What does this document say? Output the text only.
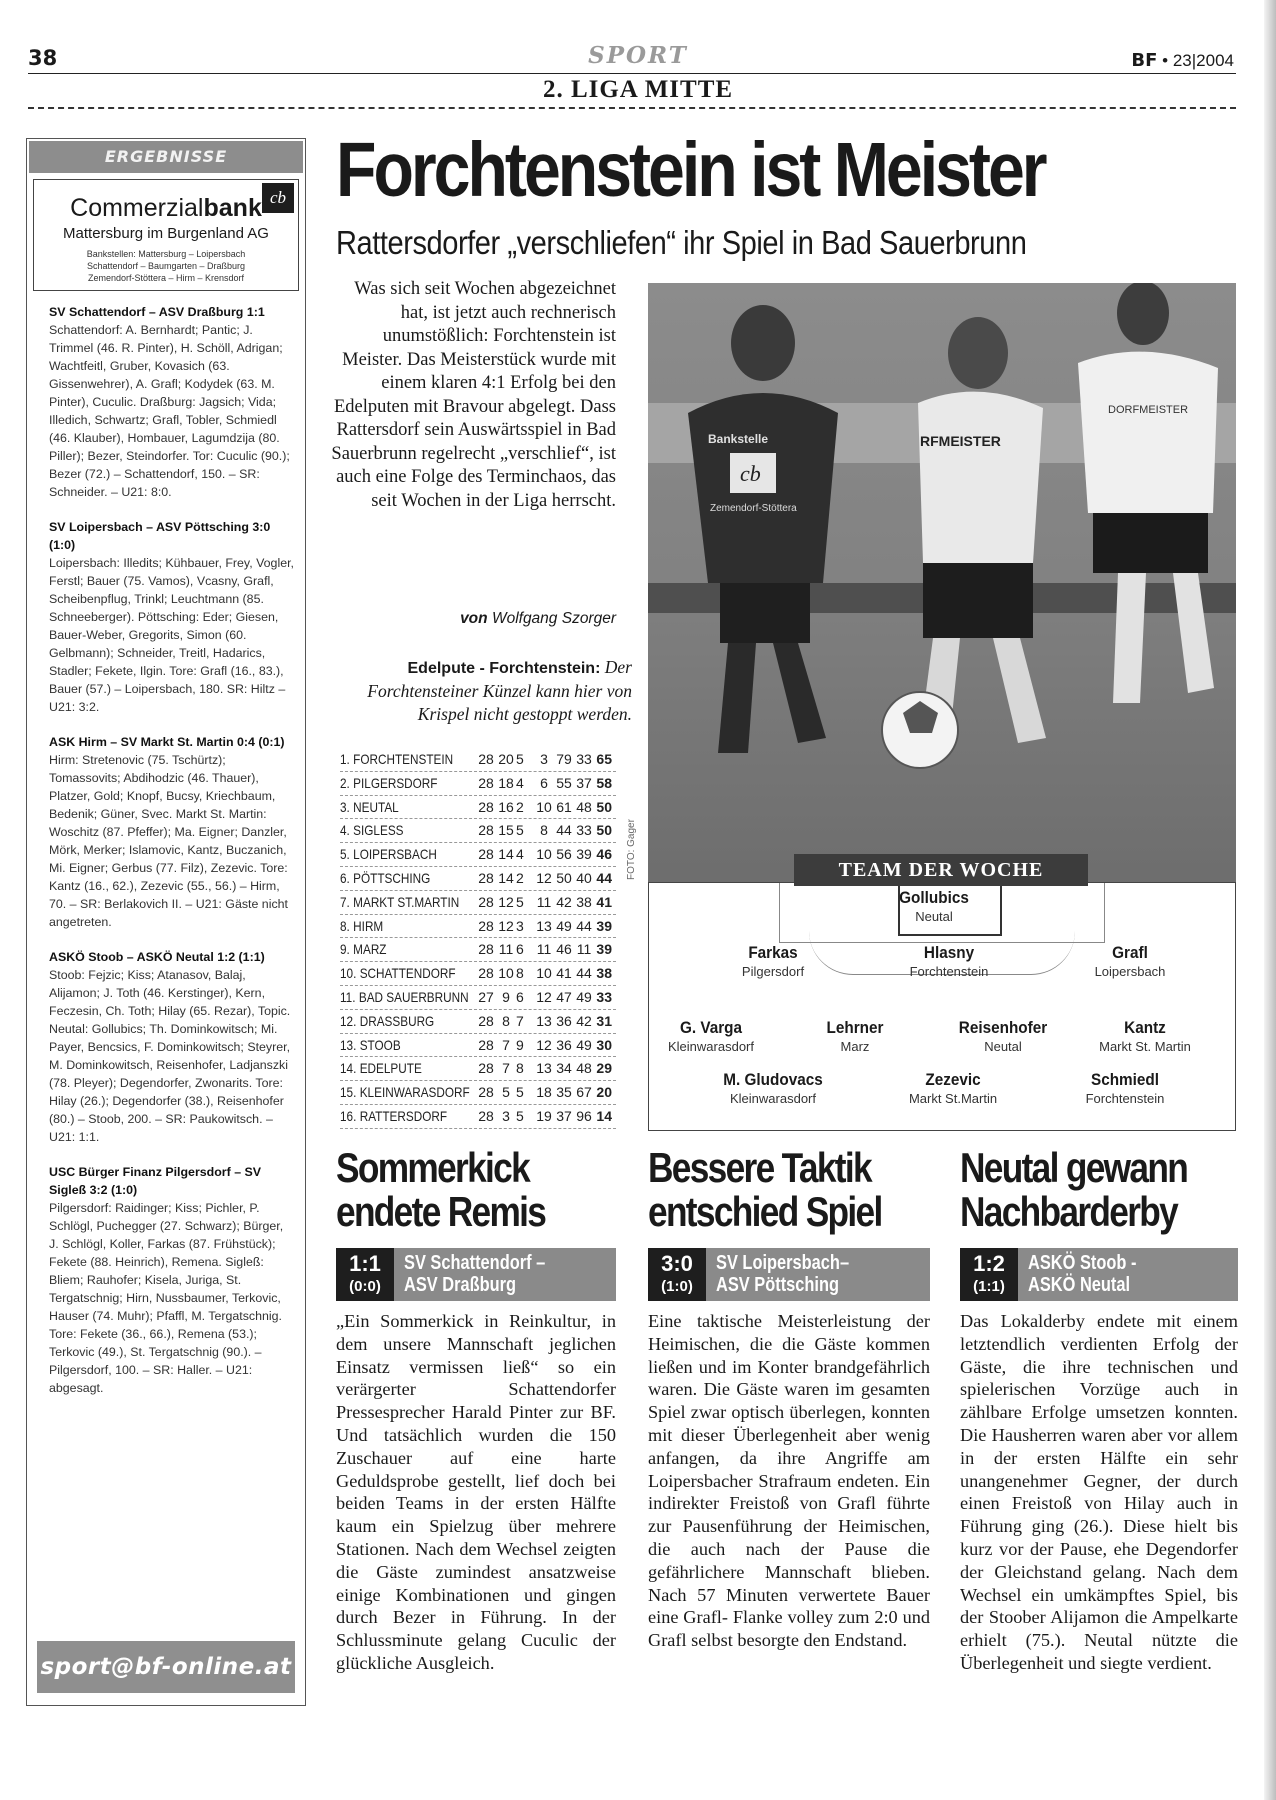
38	SPORT	BF • 23|2004
2. LIGA MITTE
ERGEBNISSE
cb
Commerzialbank
Mattersburg im Burgenland AG
Bankstellen: Mattersburg – Loipersbach
Schattendorf – Baumgarten – Draßburg
Zemendorf-Stöttera – Hirm – Krensdorf
SV Schattendorf – ASV Draßburg 1:1
Schattendorf: A. Bernhardt; Pantic; J. Trimmel (46. R. Pinter), H. Schöll, Adrigan; Wachtfeitl, Gruber, Kovasich (63. Gissenwehrer), A. Grafl; Kodydek (63. M. Pinter), Cuculic. Draßburg: Jagsich; Vida; Illedich, Schwartz; Grafl, Tobler, Schmiedl (46. Klauber), Hombauer, Lagumdzija (80. Piller); Bezer, Steindorfer. Tor: Cuculic (90.); Bezer (72.) – Schattendorf, 150. – SR: Schneider. – U21: 8:0.
SV Loipersbach – ASV Pöttsching 3:0 (1:0)
Loipersbach: Illedits; Kühbauer, Frey, Vogler, Ferstl; Bauer (75. Vamos), Vcasny, Grafl, Scheibenpflug, Trinkl; Leuchtmann (85. Schneeberger). Pöttsching: Eder; Giesen, Bauer-Weber, Gregorits, Simon (60. Gelbmann); Schneider, Treitl, Hadarics, Stadler; Fekete, Ilgin. Tore: Grafl (16., 83.), Bauer (57.) – Loipersbach, 180. SR: Hiltz – U21: 3:2.
ASK Hirm – SV Markt St. Martin 0:4 (0:1)
Hirm: Stretenovic (75. Tschürtz); Tomassovits; Abdihodzic (46. Thauer), Platzer, Gold; Knopf, Bucsy, Kriechbaum, Bedenik; Güner, Svec. Markt St. Martin: Woschitz (87. Pfeffer); Ma. Eigner; Danzler, Mörk, Merker; Islamovic, Kantz, Buczanich, Mi. Eigner; Gerbus (77. Filz), Zezevic. Tore: Kantz (16., 62.), Zezevic (55., 56.) – Hirm, 70. – SR: Berlakovich II. – U21: Gäste nicht angetreten.
ASKÖ Stoob – ASKÖ Neutal 1:2 (1:1)
Stoob: Fejzic; Kiss; Atanasov, Balaj, Alijamon; J. Toth (46. Kerstinger), Kern, Feczesin, Ch. Toth; Hilay (65. Rezar), Topic. Neutal: Gollubics; Th. Dominkowitsch; Mi. Payer, Bencsics, F. Dominkowitsch; Steyrer, M. Dominkowitsch, Reisenhofer, Ladjanszki (78. Pleyer); Degendorfer, Zwonarits. Tore: Hilay (26.); Degendorfer (38.), Reisenhofer (80.) – Stoob, 200. – SR: Paukowitsch. – U21: 1:1.
USC Bürger Finanz Pilgersdorf – SV Sigleß 3:2 (1:0)
Pilgersdorf: Raidinger; Kiss; Pichler, P. Schlögl, Puchegger (27. Schwarz); Bürger, J. Schlögl, Koller, Farkas (87. Frühstück); Fekete (88. Heinrich), Remena. Sigleß: Bliem; Rauhofer; Kisela, Juriga, St. Tergatschnig; Hirn, Nussbaumer, Terkovic, Hauser (74. Muhr); Pfaffl, M. Tergatschnig. Tore: Fekete (36., 66.), Remena (53.); Terkovic (49.), St. Tergatschnig (90.). – Pilgersdorf, 100. – SR: Haller. – U21: abgesagt.
sport@bf-online.at
Forchtenstein ist Meister
Rattersdorfer „verschliefen“ ihr Spiel in Bad Sauerbrunn
Was sich seit Wochen abgezeichnet hat, ist jetzt auch rechnerisch unumstößlich: Forchtenstein ist Meister. Das Meisterstück wurde mit einem klaren 4:1 Erfolg bei den Edelputen mit Bravour abgelegt. Dass Rattersdorf sein Auswärtsspiel in Bad Sauerbrunn regelrecht „verschlief“, ist auch eine Folge des Terminchaos, das seit Wochen in der Liga herrscht.
von Wolfgang Szorger
Edelpute - Forchtenstein: Der Forchtensteiner Künzel kann hier von Krispel nicht gestoppt werden.
FOTO: Gager
1. FORCHTENSTEIN 28 20 5	3 79 33 65
2. PILGERSDORF	28 18 4	6 55 37 58
3. NEUTAL	28 16 2 10 61 48 50
4. SIGLESS	28 15 5	8 44 33 50
5. LOIPERSBACH	28 14 4 10 56 39 46
6. PÖTTSCHING	28 14 2 12 50 40 44
7. MARKT ST.MARTIN 28 12 5 11 42 38 41
8. HIRM	28 12 3 13 49 44 39
9. MARZ	28 11 6 11 46 11 39
10. SCHATTENDORF 28 10 8 10 41 44 38
11. BAD SAUERBRUNN 27 9 6 12 47 49 33
12. DRASSBURG	28 8 7 13 36 42 31
13. STOOB	28 7 9 12 36 49 30
14. EDELPUTE	28 7 8 13 34 48 29
15. KLEINWARASDORF 28 5 5 18 35 67 20
16. RATTERSDORF	28 3 5 19 37 96 14
Bankstelle
cb
Zemendorf-Stöttera
RFMEISTER
DORFMEISTER
TEAM DER WOCHE
Gollubics
Neutal
Farkas
Pilgersdorf
Hlasny
Forchtenstein
Grafl
Loipersbach
G. Varga
Kleinwarasdorf
Lehrner
Marz
Reisenhofer
Neutal
Kantz
Markt St. Martin
M. Gludovacs
Kleinwarasdorf
Zezevic
Markt St.Martin
Schmiedl
Forchtenstein
Sommerkick
endete Remis
1:1
(0:0)
SV Schattendorf –
ASV Draßburg
„Ein Sommerkick in Reinkultur, in dem unsere Mannschaft jeglichen Einsatz vermissen ließ“ so ein verärgerter Schattendorfer Pressesprecher Harald Pinter zur BF. Und tatsächlich wurden die 150 Zuschauer auf eine harte Geduldsprobe gestellt, lief doch bei beiden Teams in der ersten Hälfte kaum ein Spielzug über mehrere Stationen. Nach dem Wechsel zeigten die Gäste zumindest ansatzweise einige Kombinationen und gingen durch Bezer in Führung. In der Schlussminute gelang Cuculic der glückliche Ausgleich.
Bessere Taktik
entschied Spiel
3:0
(1:0)
SV Loipersbach–
ASV Pöttsching
Eine taktische Meisterleistung der Heimischen, die die Gäste kommen ließen und im Konter brandgefährlich waren. Die Gäste waren im gesamten Spiel zwar optisch überlegen, konnten mit dieser Überlegenheit aber wenig anfangen, da ihre Angriffe am Loipersbacher Strafraum endeten. Ein indirekter Freistoß von Grafl führte zur Pausenführung der Heimischen, die auch nach der Pause die gefährlichere Mannschaft blieben. Nach 57 Minuten verwertete Bauer eine Grafl- Flanke volley zum 2:0 und Grafl selbst besorgte den Endstand.
Neutal gewann
Nachbarderby
1:2
(1:1)
ASKÖ Stoob -
ASKÖ Neutal
Das Lokalderby endete mit einem letztendlich verdienten Erfolg der Gäste, die ihre technischen und spielerischen Vorzüge auch in zählbare Erfolge umsetzen konnten. Die Hausherren waren aber vor allem in der ersten Hälfte ein sehr unangenehmer Gegner, der durch einen Freistoß von Hilay auch in Führung ging (26.). Diese hielt bis kurz vor der Pause, ehe Degendorfer der Gleichstand gelang. Nach dem Wechsel ein umkämpftes Spiel, bis der Stoober Alijamon die Ampelkarte erhielt (75.). Neutal nützte die Überlegenheit und siegte verdient.
